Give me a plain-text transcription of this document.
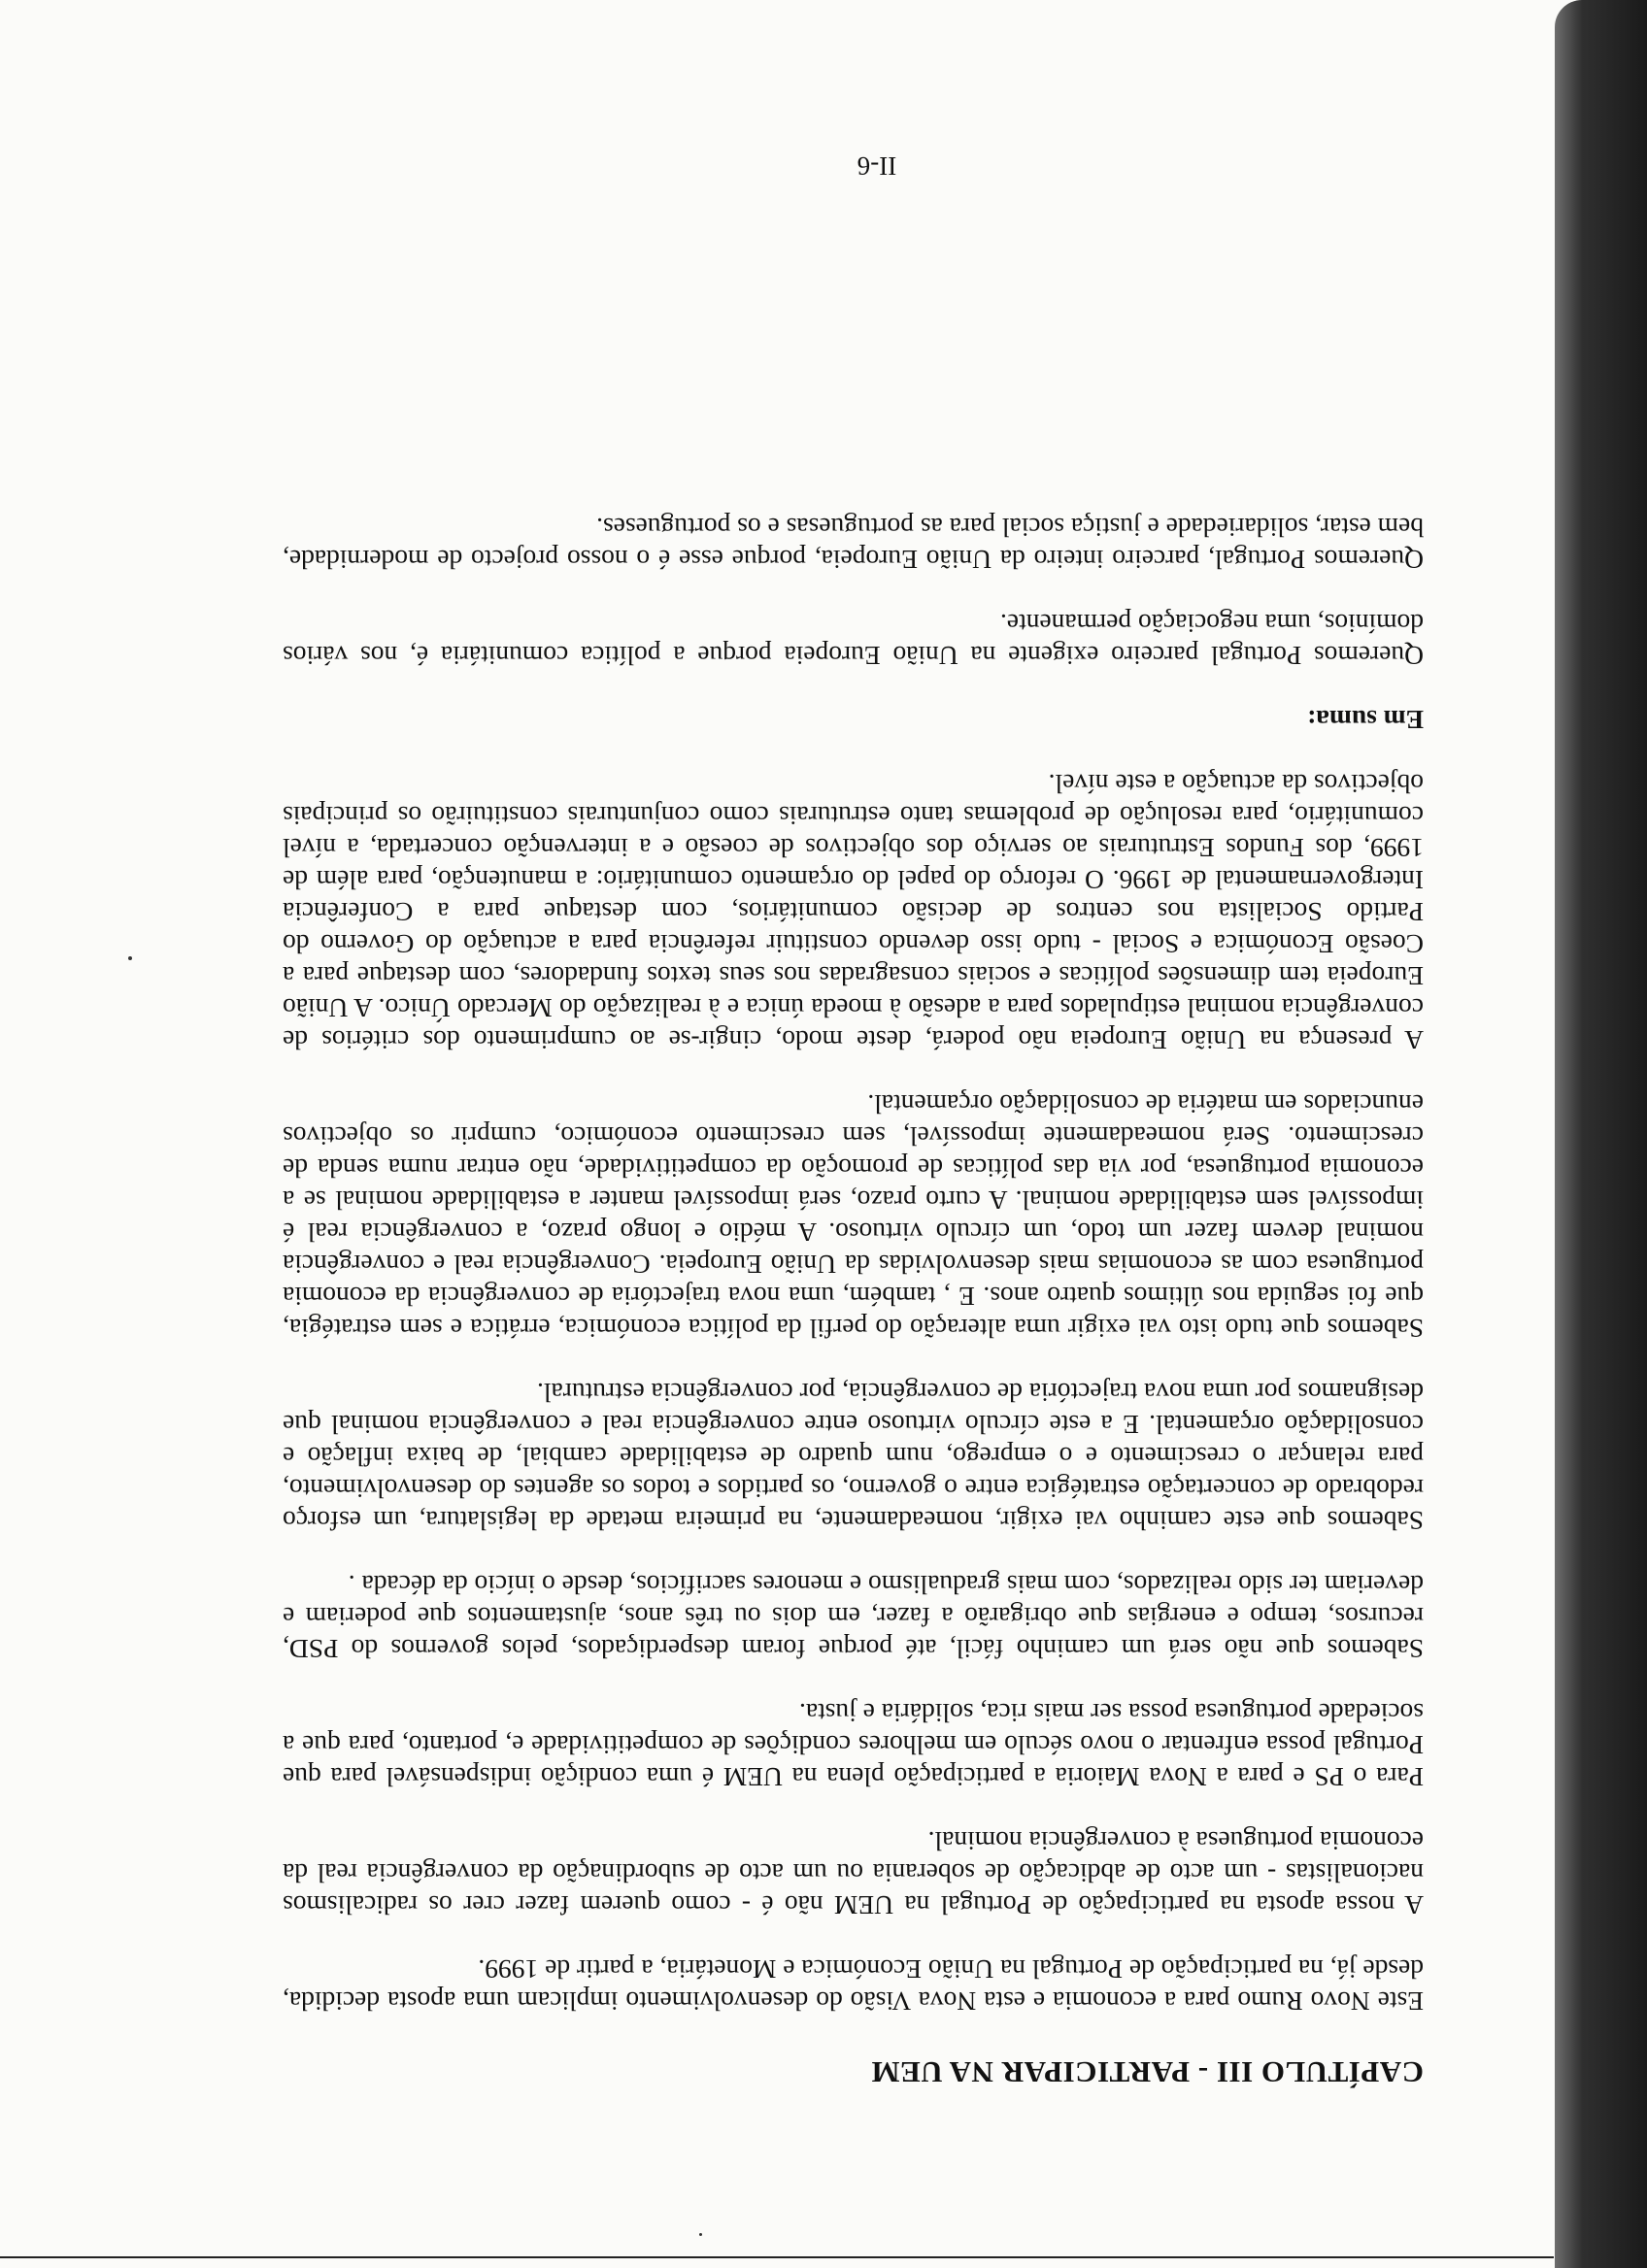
CAPÍTULO III - PARTICIPAR NA UEM

Este Novo Rumo para a economia e esta Nova Visão do desenvolvimento implicam uma aposta decidida, desde já, na participação de Portugal na União Económica e Monetária, a partir de 1999.

A nossa aposta na participação de Portugal na UEM não é - como querem fazer crer os radicalismos nacionalistas - um acto de abdicação de soberania ou um acto de subordinação da convergência real da economia portuguesa à convergência nominal.

Para o PS e para a Nova Maioria a participação plena na UEM é uma condição indispensável para que Portugal possa enfrentar o novo século em melhores condições de competitividade e, portanto, para que a sociedade portuguesa possa ser mais rica, solidária e justa.

Sabemos que não será um caminho fácil, até porque foram desperdiçados, pelos governos do PSD, recursos, tempo e energias que obrigarão a fazer, em dois ou três anos, ajustamentos que poderiam e deveriam ter sido realizados, com mais gradualismo e menores sacrifícios, desde o início da década .

Sabemos que este caminho vai exigir, nomeadamente, na primeira metade da legislatura, um esforço redobrado de concertação estratégica entre o governo, os partidos e todos os agentes do desenvolvimento, para relançar o crescimento e o emprego, num quadro de estabilidade cambial, de baixa inflação e consolidação orçamental. E a este círculo virtuoso entre convergência real e convergência nominal que designamos por uma nova trajectória de convergência, por convergência estrutural.

Sabemos que tudo isto vai exigir uma alteração do perfil da política económica, errática e sem estratégia, que foi seguida nos últimos quatro anos. E , também, uma nova trajectória de convergência da economia portuguesa com as economias mais desenvolvidas da União Europeia. Convergência real e convergência nominal devem fazer um todo, um círculo virtuoso. A médio e longo prazo, a convergência real é impossível sem estabilidade nominal. A curto prazo, será impossível manter a estabilidade nominal se a economia portuguesa, por via das políticas de promoção da competitividade, não entrar numa senda de crescimento. Será nomeadamente impossível, sem crescimento económico, cumprir os objectivos enunciados em matéria de consolidação orçamental.

A presença na União Europeia não poderá, deste modo, cingir-se ao cumprimento dos critérios de convergência nominal estipulados para a adesão à moeda única e à realização do Mercado Único. A União Europeia tem dimensões políticas e sociais consagradas nos seus textos fundadores, com destaque para a Coesão Económica e Social - tudo isso devendo constituir referência para a actuação do Governo do Partido Socialista nos centros de decisão comunitários, com destaque para a Conferência Intergovernamental de 1996. O reforço do papel do orçamento comunitário: a manutenção, para além de 1999, dos Fundos Estruturais ao serviço dos objectivos de coesão e a intervenção concertada, a nível comunitário, para resolução de problemas tanto estruturais como conjunturais constituirão os principais objectivos da actuação a este nível.

Em suma:

Queremos Portugal parceiro exigente na União Europeia porque a política comunitária é, nos vários domínios, uma negociação permanente.

Queremos Portugal, parceiro inteiro da União Europeia, porque esse é o nosso projecto de modernidade, bem estar, solidariedade e justiça social para as portuguesas e os portugueses.

II-6
